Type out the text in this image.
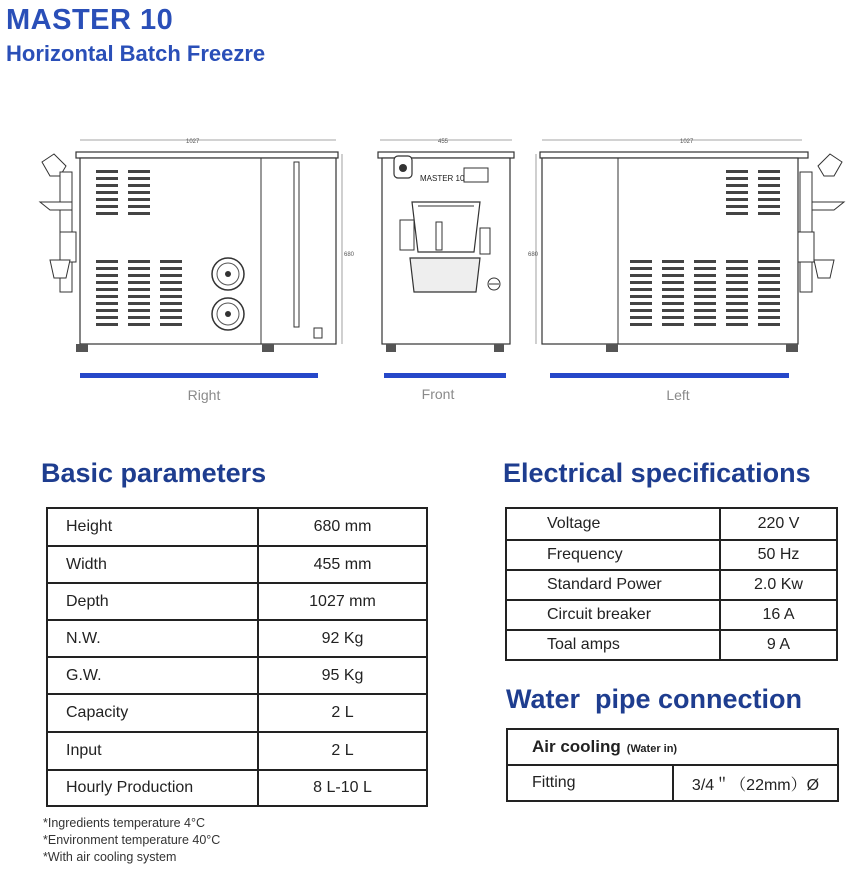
MASTER 10
Horizontal Batch Freezre
1027
680
455
MASTER 10
1027
680
Right	Front	Left
Basic parameters
Height	680 mm
Width	455 mm
Depth	1027 mm
N.W.	92 Kg
G.W.	95 Kg
Capacity	2 L
Input	2 L
Hourly Production	8 L-10 L
Electrical specifications
Voltage	220 V
Frequency	50 Hz
Standard Power	2.0 Kw
Circuit breaker	16 A
Toal amps	9 A
Water  pipe connection
Air cooling (Water in)
Fitting	3/4＂（22mm）Ø
*Ingredients temperature 4°C
*Environment temperature 40°C
*With air cooling system
